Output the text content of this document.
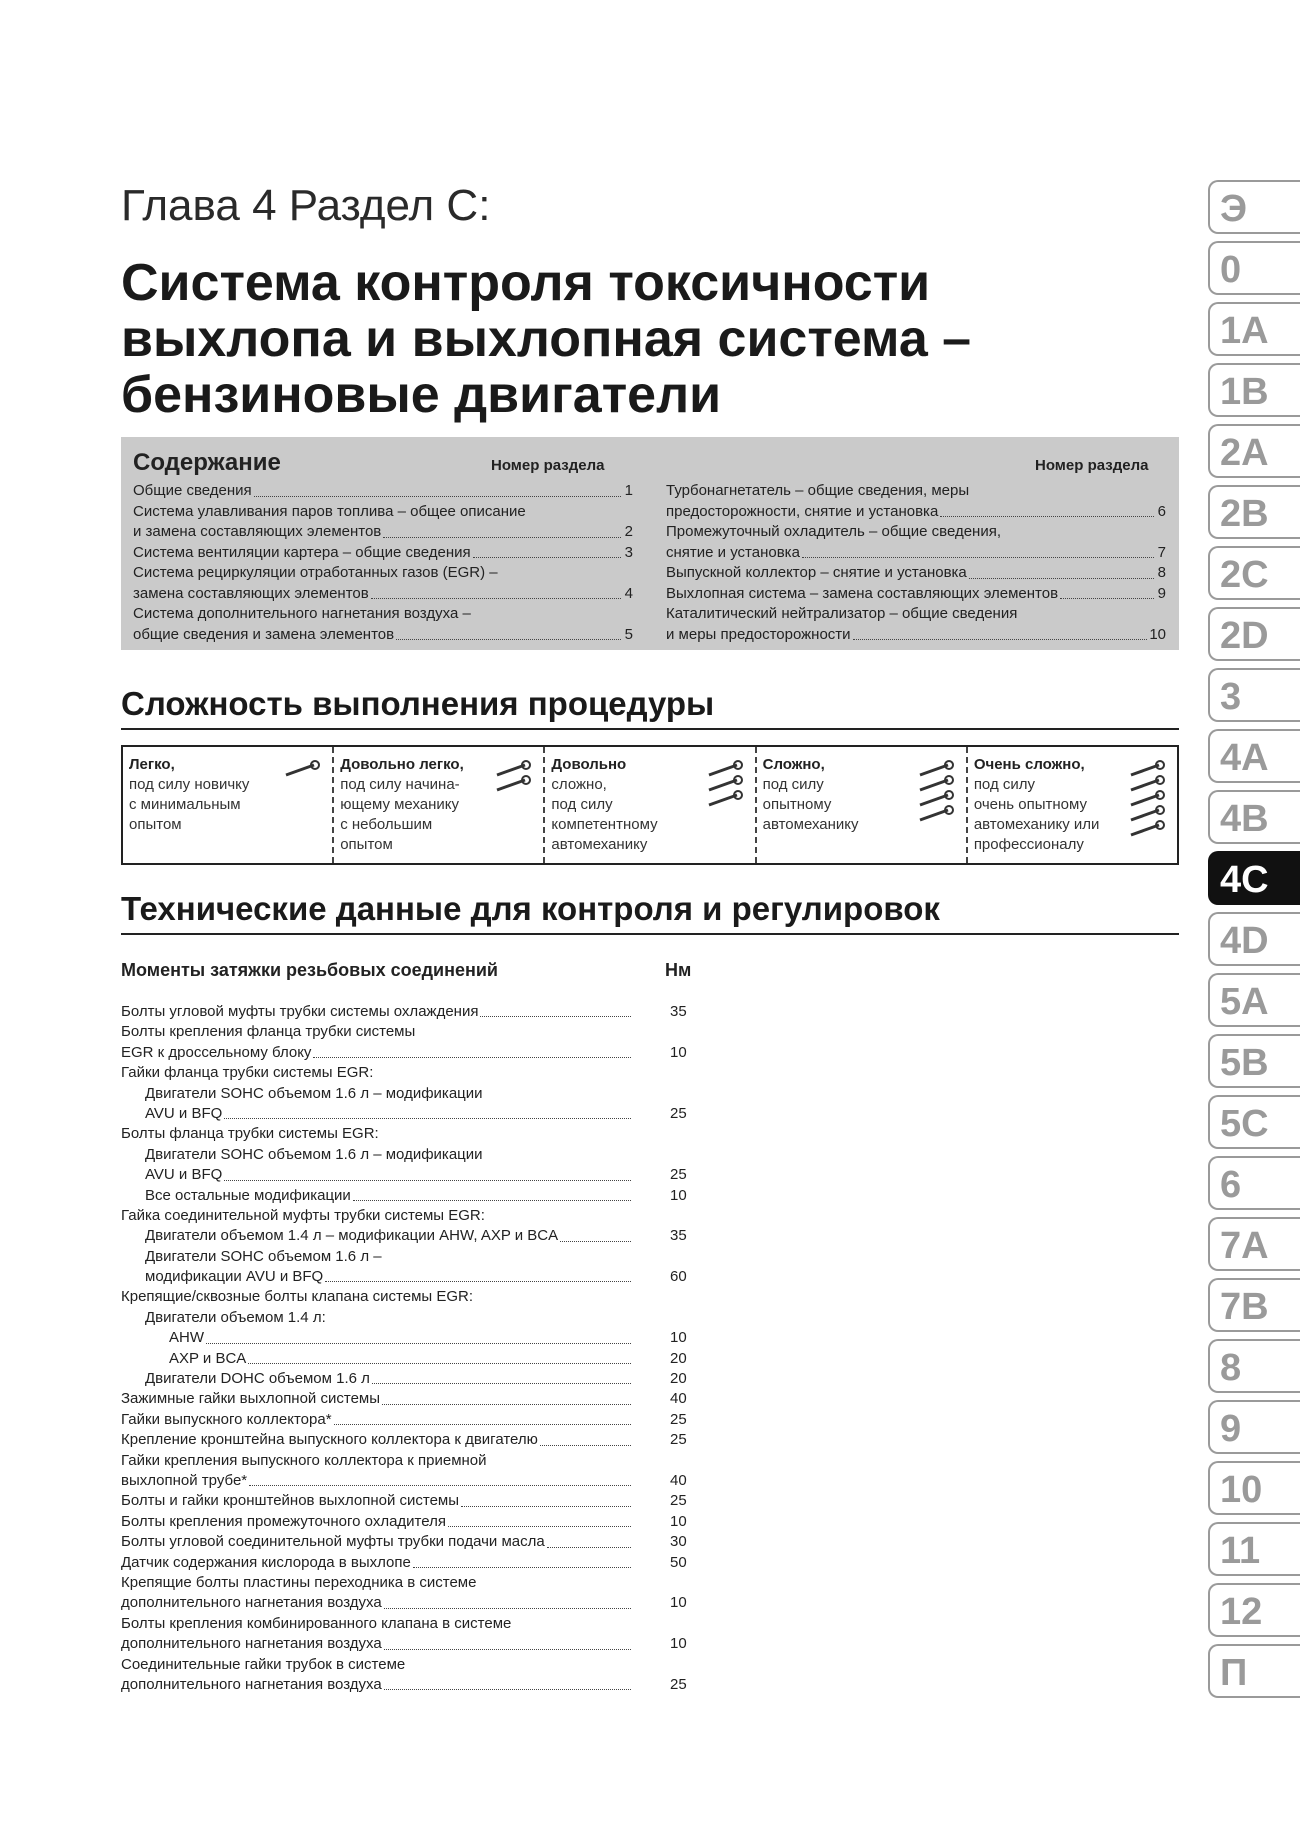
Глава 4 Раздел C:
Система контроля токсичности
выхлопа и выхлопная система –
бензиновые двигатели
Содержание	Номер раздела	Номер раздела
Общие сведения	1
Система улавливания паров топлива – общее описание
и замена составляющих элементов	2
Система вентиляции картера – общие сведения	3
Система рециркуляции отработанных газов (EGR) –
замена составляющих элементов	4
Система дополнительного нагнетания воздуха –
общие сведения и замена элементов	5
Турбонагнетатель – общие сведения, меры
предосторожности, снятие и установка	6
Промежуточный охладитель – общие сведения,
снятие и установка	7
Выпускной коллектор – снятие и установка	8
Выхлопная система – замена составляющих элементов	9
Каталитический нейтрализатор – общие сведения
и меры предосторожности	10
Сложность выполнения процедуры
Легко,
под силу новичку
с минимальным
опытом
Довольно легко,
под силу начина-
ющему механику
с небольшим
опытом
Довольно
сложно,
под силу
компетентному
автомеханику
Сложно,
под силу
опытному
автомеханику
Очень сложно,
под силу
очень опытному
автомеханику или
профессионалу
Технические данные для контроля и регулировок
Моменты затяжки резьбовых соединений	Нм
Болты угловой муфты трубки системы охлаждения	35
Болты крепления фланца трубки системы
EGR к дроссельному блоку	10
Гайки фланца трубки системы EGR:
Двигатели SOHC объемом 1.6 л – модификации
AVU и BFQ	25
Болты фланца трубки системы EGR:
Двигатели SOHC объемом 1.6 л – модификации
AVU и BFQ	25
Все остальные модификации	10
Гайка соединительной муфты трубки системы EGR:
Двигатели объемом 1.4 л – модификации AHW, AXP и BCA	35
Двигатели SOHC объемом 1.6 л –
модификации AVU и BFQ	60
Крепящие/сквозные болты клапана системы EGR:
Двигатели объемом 1.4 л:
AHW	10
AXP и BCA	20
Двигатели DOHC объемом 1.6 л	20
Зажимные гайки выхлопной системы	40
Гайки выпускного коллектора*	25
Крепление кронштейна выпускного коллектора к двигателю	25
Гайки крепления выпускного коллектора к приемной
выхлопной трубе*	40
Болты и гайки кронштейнов выхлопной системы	25
Болты крепления промежуточного охладителя	10
Болты угловой соединительной муфты трубки подачи масла	30
Датчик содержания кислорода в выхлопе	50
Крепящие болты пластины переходника в системе
дополнительного нагнетания воздуха	10
Болты крепления комбинированного клапана в системе
дополнительного нагнетания воздуха	10
Соединительные гайки трубок в системе
дополнительного нагнетания воздуха	25
Э
0
1A
1B
2A
2B
2C
2D
3
4A
4B
4C
4D
5A
5B
5C
6
7A
7B
8
9
10
11
12
П
